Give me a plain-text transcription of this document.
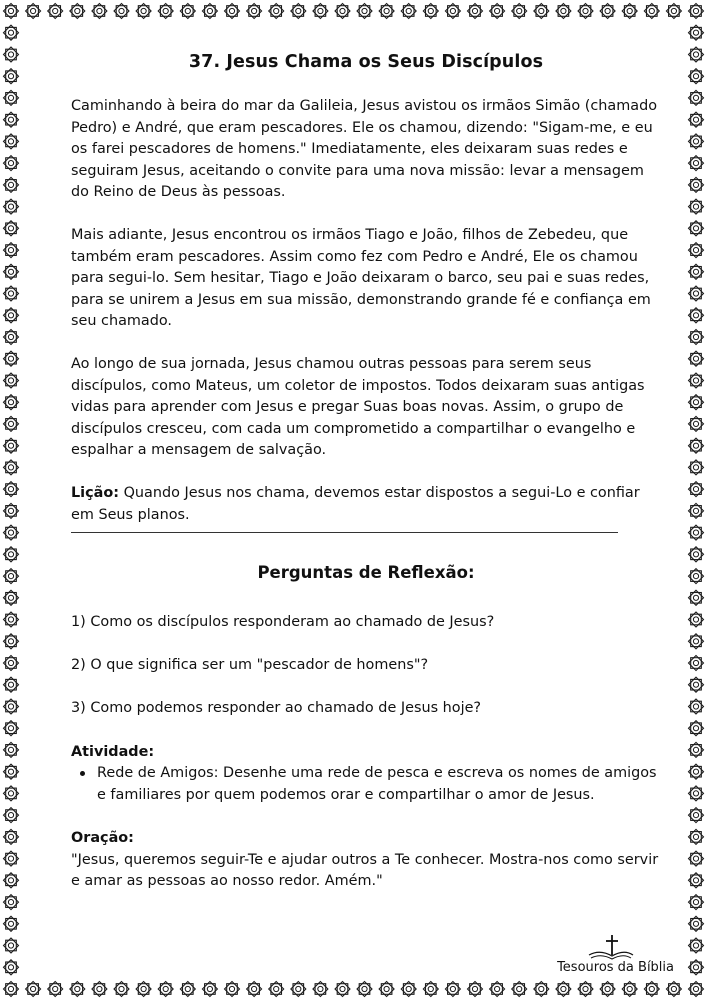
37. Jesus Chama os Seus Discípulos

Caminhando à beira do mar da Galileia, Jesus avistou os irmãos Simão (chamado Pedro) e André, que eram pescadores. Ele os chamou, dizendo: "Sigam-me, e eu os farei pescadores de homens." Imediatamente, eles deixaram suas redes e seguiram Jesus, aceitando o convite para uma nova missão: levar a mensagem do Reino de Deus às pessoas.

Mais adiante, Jesus encontrou os irmãos Tiago e João, filhos de Zebedeu, que também eram pescadores. Assim como fez com Pedro e André, Ele os chamou para segui-lo. Sem hesitar, Tiago e João deixaram o barco, seu pai e suas redes, para se unirem a Jesus em sua missão, demonstrando grande fé e confiança em seu chamado.

Ao longo de sua jornada, Jesus chamou outras pessoas para serem seus discípulos, como Mateus, um coletor de impostos. Todos deixaram suas antigas vidas para aprender com Jesus e pregar Suas boas novas. Assim, o grupo de discípulos cresceu, com cada um comprometido a compartilhar o evangelho e espalhar a mensagem de salvação.

Lição: Quando Jesus nos chama, devemos estar dispostos a segui-Lo e confiar em Seus planos.

Perguntas de Reflexão:

1) Como os discípulos responderam ao chamado de Jesus?

2) O que significa ser um "pescador de homens"?

3) Como podemos responder ao chamado de Jesus hoje?

Atividade:
Rede de Amigos: Desenhe uma rede de pesca e escreva os nomes de amigos e familiares por quem podemos orar e compartilhar o amor de Jesus.
Oração:

"Jesus, queremos seguir-Te e ajudar outros a Te conhecer. Mostra-nos como servir e amar as pessoas ao nosso redor. Amém."

Tesouros da Bíblia
